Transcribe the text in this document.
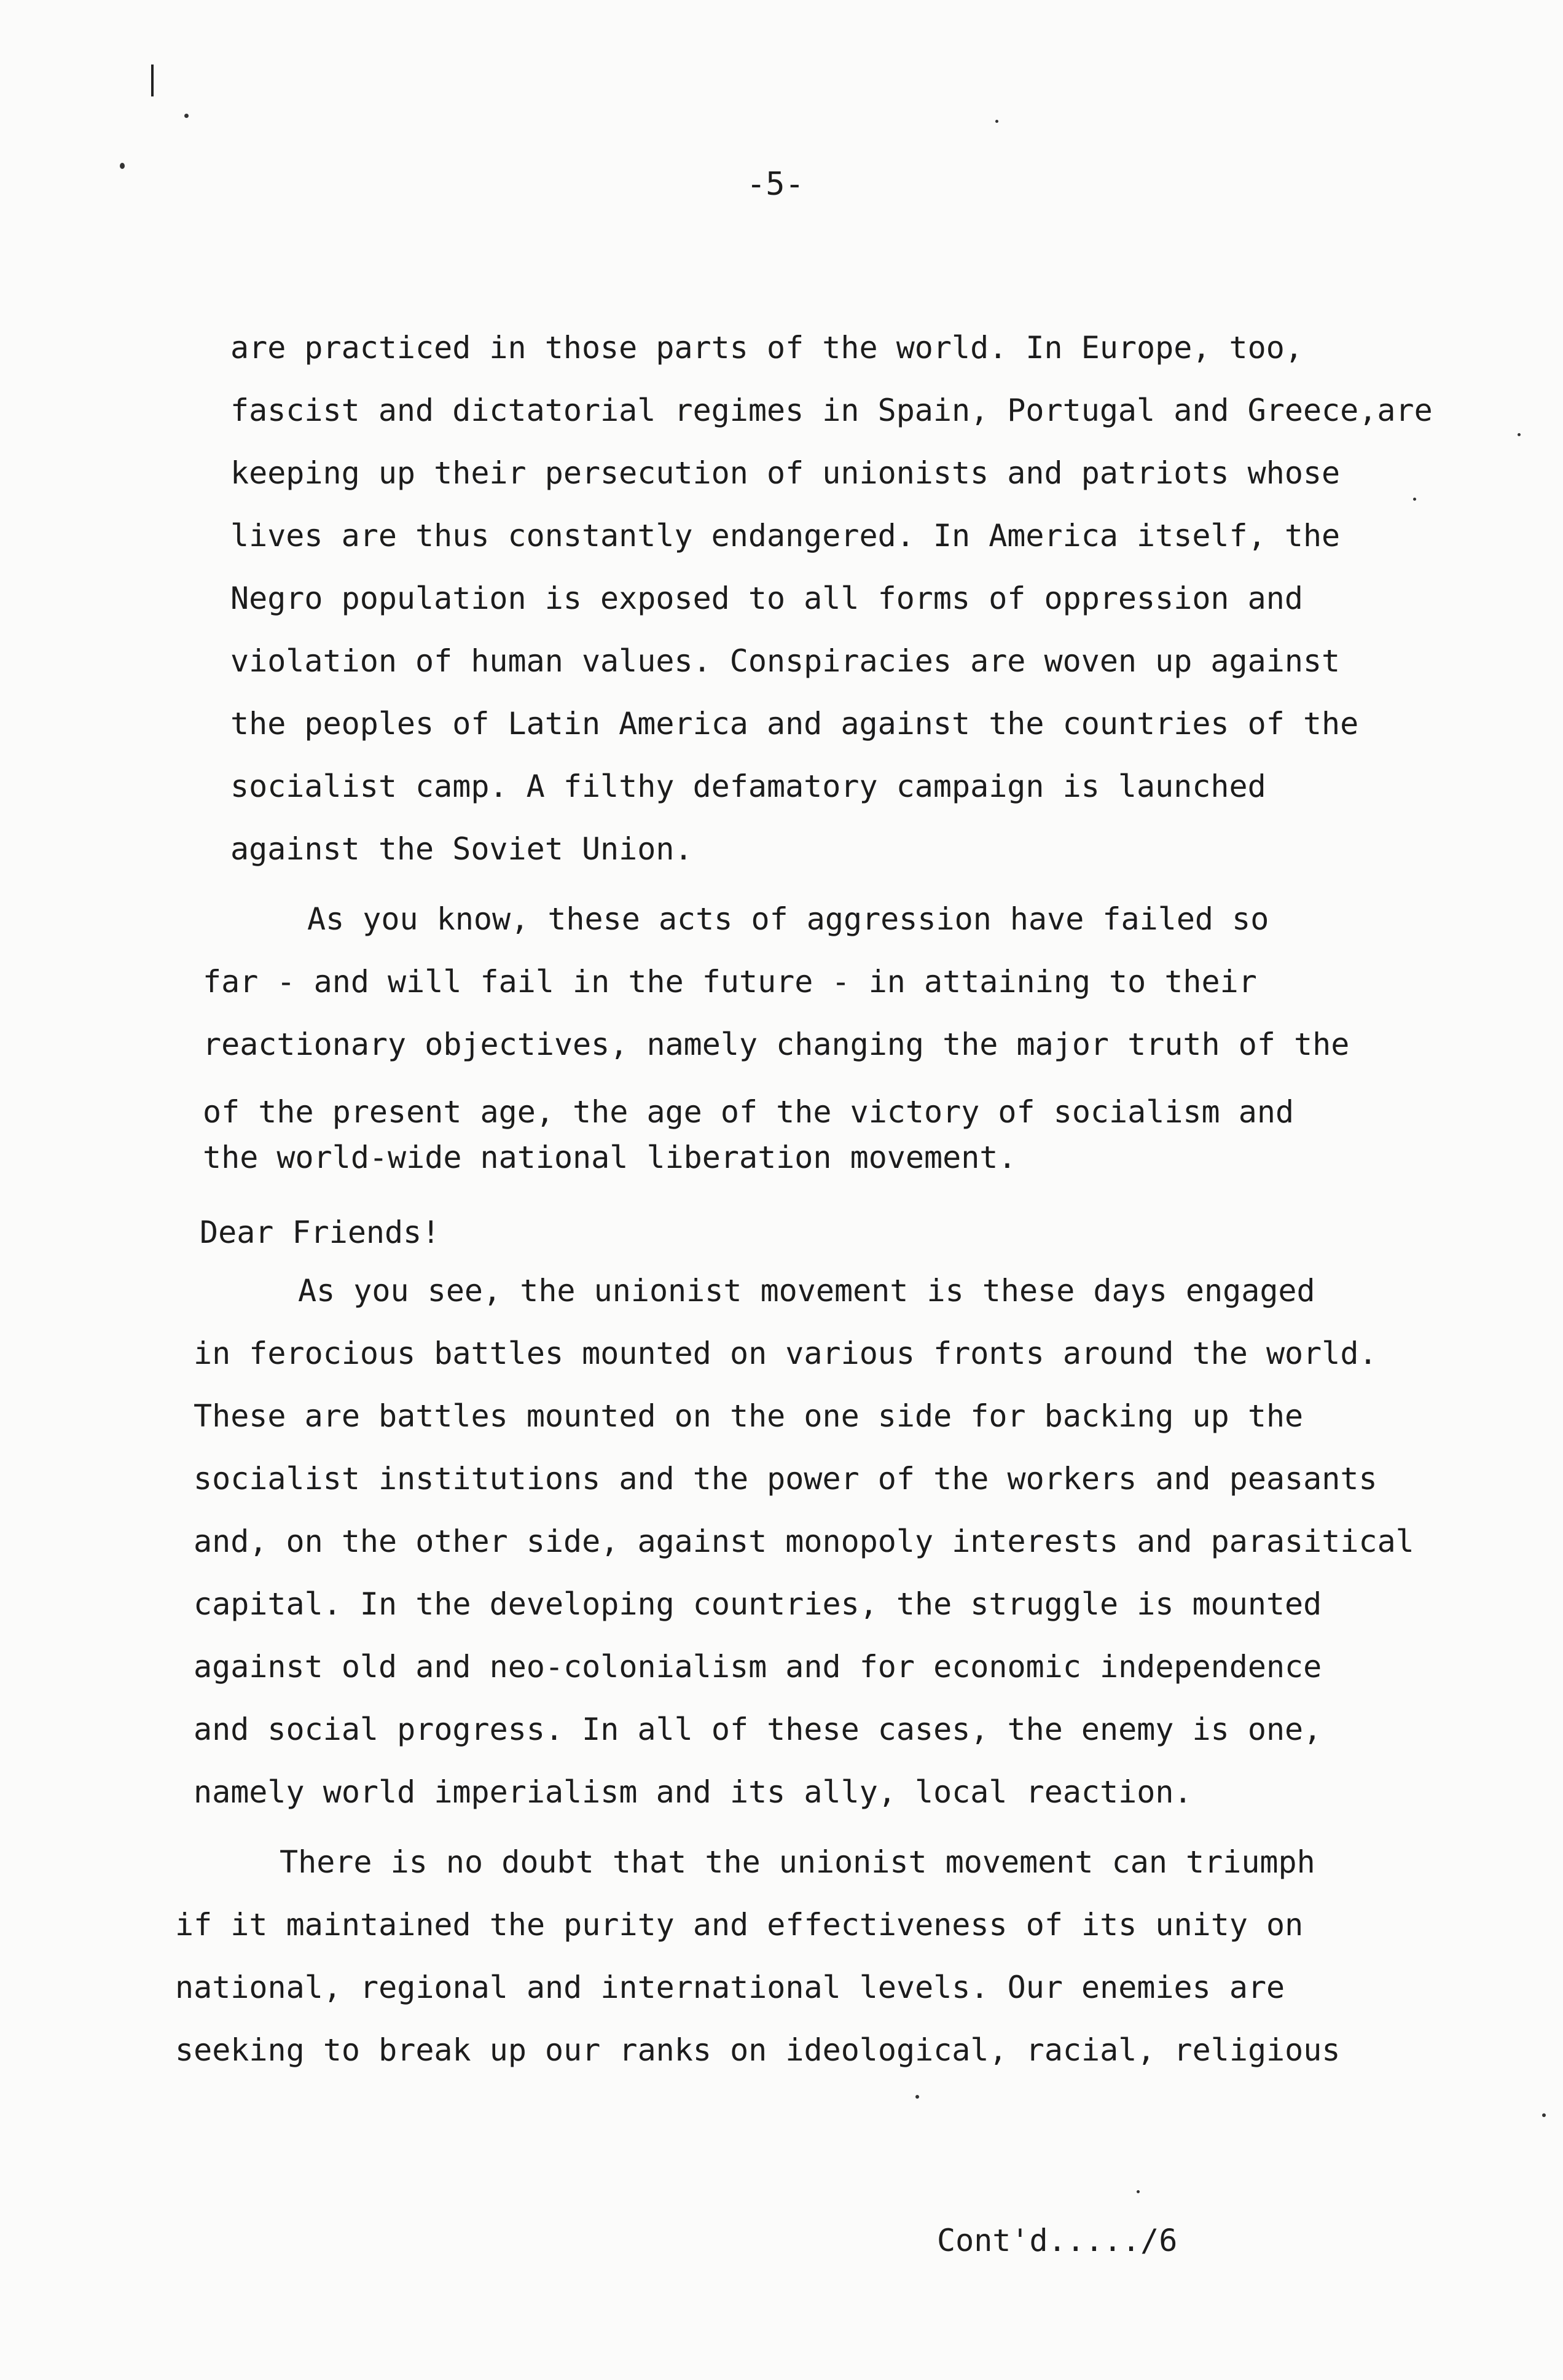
-5-
are practiced in those parts of the world. In Europe, too,
fascist and dictatorial regimes in Spain, Portugal and Greece,are
keeping up their persecution of unionists and patriots whose
lives are thus constantly endangered. In America itself, the
Negro population is exposed to all forms of oppression and
violation of human values. Conspiracies are woven up against
the peoples of Latin America and against the countries of the
socialist camp. A filthy defamatory campaign is launched
against the Soviet Union.
As you know, these acts of aggression have failed so
far - and will fail in the future - in attaining to their
reactionary objectives, namely changing the major truth of the
of the present age, the age of the victory of socialism and
the world-wide national liberation movement.
Dear Friends!
As you see, the unionist movement is these days engaged
in ferocious battles mounted on various fronts around the world.
These are battles mounted on the one side for backing up the
socialist institutions and the power of the workers and peasants
and, on the other side, against monopoly interests and parasitical
capital. In the developing countries, the struggle is mounted
against old and neo-colonialism and for economic independence
and social progress. In all of these cases, the enemy is one,
namely world imperialism and its ally, local reaction.
There is no doubt that the unionist movement can triumph
if it maintained the purity and effectiveness of its unity on
national, regional and international levels. Our enemies are
seeking to break up our ranks on ideological, racial, religious
Cont'd...../6
